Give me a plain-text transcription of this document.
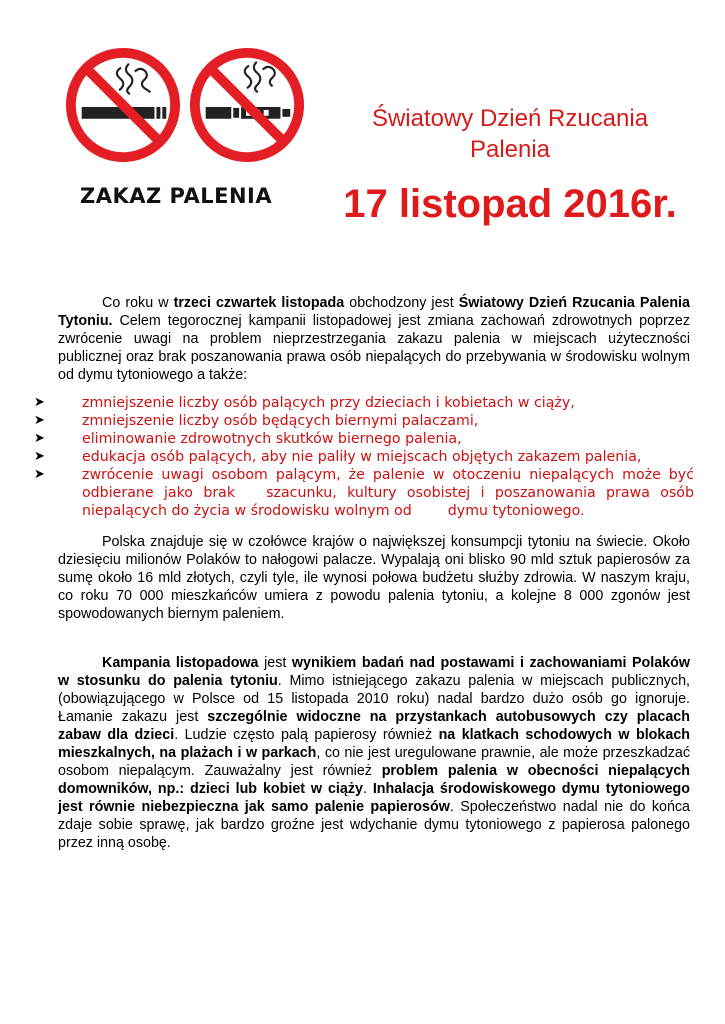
ZAKAZ PALENIA
Światowy Dzień Rzucania
Palenia
17 listopad 2016r.

Co roku w trzeci czwartek listopada obchodzony jest Światowy Dzień Rzucania Palenia Tytoniu. Celem tegorocznej kampanii listopadowej jest zmiana zachowań zdrowotnych poprzez zwrócenie uwagi na problem nieprzestrzegania zakazu palenia w miejscach użyteczności publicznej oraz brak poszanowania prawa osób niepalących do przebywania w środowisku wolnym od dymu tytoniowego a także:

➤	zmniejszenie liczby osób palących przy dzieciach i kobietach w ciąży,
➤	zmniejszenie liczby osób będących biernymi palaczami,
➤	eliminowanie zdrowotnych skutków biernego palenia,
➤	edukacja osób palących, aby nie paliły w miejscach objętych zakazem palenia,
➤	zwrócenie uwagi osobom palącym, że palenie w otoczeniu niepalących może być odbierane jako brak   szacunku, kultury osobistej i poszanowania prawa osób niepalących do życia w środowisku wolnym od        dymu tytoniowego.

Polska znajduje się w czołówce krajów o największej konsumpcji tytoniu na świecie. Około dziesięciu milionów Polaków to nałogowi palacze. Wypalają oni blisko 90 mld sztuk papierosów za sumę około 16 mld złotych, czyli tyle, ile wynosi połowa budżetu służby zdrowia. W naszym kraju, co roku 70 000 mieszkańców umiera z powodu palenia tytoniu, a kolejne 8 000 zgonów jest spowodowanych biernym paleniem.

Kampania listopadowa jest wynikiem badań nad postawami i zachowaniami Polaków w stosunku do palenia tytoniu. Mimo istniejącego zakazu palenia w miejscach publicznych, (obowiązującego w Polsce od 15 listopada 2010 roku) nadal bardzo dużo osób go ignoruje. Łamanie zakazu jest szczególnie widoczne na przystankach autobusowych czy placach zabaw dla dzieci. Ludzie często palą papierosy również na klatkach schodowych w blokach mieszkalnych, na plażach i w parkach, co nie jest uregulowane prawnie, ale może przeszkadzać osobom niepalącym. Zauważalny jest również problem palenia w obecności niepalących domowników, np.: dzieci lub kobiet w ciąży. Inhalacja środowiskowego dymu tytoniowego jest równie niebezpieczna jak samo palenie papierosów. Społeczeństwo nadal nie do końca zdaje sobie sprawę, jak bardzo groźne jest wdychanie dymu tytoniowego z papierosa palonego przez inną osobę.
